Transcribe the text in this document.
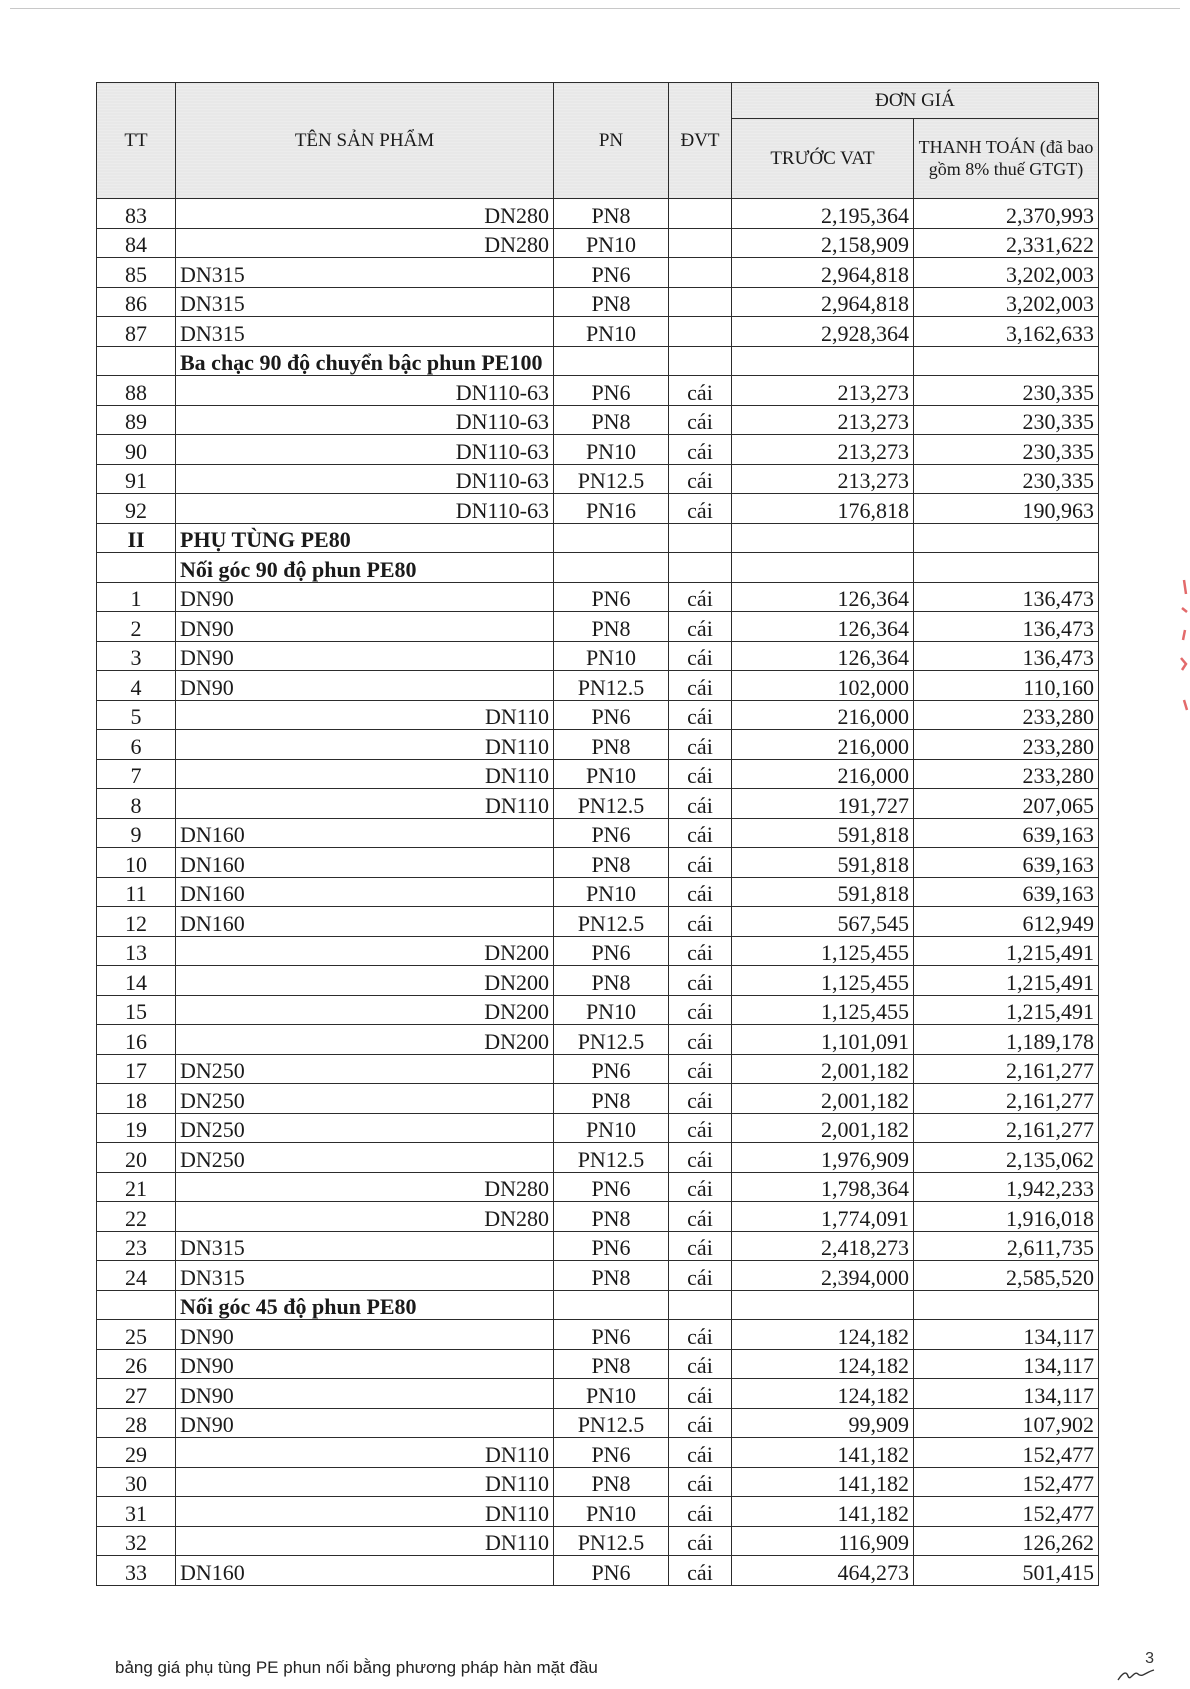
TT	TÊN SẢN PHẨM	PN	ĐVT	ĐƠN GIÁ	
				TRƯỚC VAT	THANH TOÁN (đã bao gồm 8% thuế GTGT)
83	DN280	PN8		2,195,364	2,370,993
84	DN280	PN10		2,158,909	2,331,622
85	DN315	PN6		2,964,818	3,202,003
86	DN315	PN8		2,964,818	3,202,003
87	DN315	PN10		2,928,364	3,162,633
	Ba chạc 90 độ chuyển bậc phun PE100				
88	DN110-63	PN6	cái	213,273	230,335
89	DN110-63	PN8	cái	213,273	230,335
90	DN110-63	PN10	cái	213,273	230,335
91	DN110-63	PN12.5	cái	213,273	230,335
92	DN110-63	PN16	cái	176,818	190,963
II	PHỤ TÙNG PE80				
	Nối góc 90 độ phun PE80				
1	DN90	PN6	cái	126,364	136,473
2	DN90	PN8	cái	126,364	136,473
3	DN90	PN10	cái	126,364	136,473
4	DN90	PN12.5	cái	102,000	110,160
5	DN110	PN6	cái	216,000	233,280
6	DN110	PN8	cái	216,000	233,280
7	DN110	PN10	cái	216,000	233,280
8	DN110	PN12.5	cái	191,727	207,065
9	DN160	PN6	cái	591,818	639,163
10	DN160	PN8	cái	591,818	639,163
11	DN160	PN10	cái	591,818	639,163
12	DN160	PN12.5	cái	567,545	612,949
13	DN200	PN6	cái	1,125,455	1,215,491
14	DN200	PN8	cái	1,125,455	1,215,491
15	DN200	PN10	cái	1,125,455	1,215,491
16	DN200	PN12.5	cái	1,101,091	1,189,178
17	DN250	PN6	cái	2,001,182	2,161,277
18	DN250	PN8	cái	2,001,182	2,161,277
19	DN250	PN10	cái	2,001,182	2,161,277
20	DN250	PN12.5	cái	1,976,909	2,135,062
21	DN280	PN6	cái	1,798,364	1,942,233
22	DN280	PN8	cái	1,774,091	1,916,018
23	DN315	PN6	cái	2,418,273	2,611,735
24	DN315	PN8	cái	2,394,000	2,585,520
	Nối góc 45 độ phun PE80				
25	DN90	PN6	cái	124,182	134,117
26	DN90	PN8	cái	124,182	134,117
27	DN90	PN10	cái	124,182	134,117
28	DN90	PN12.5	cái	99,909	107,902
29	DN110	PN6	cái	141,182	152,477
30	DN110	PN8	cái	141,182	152,477
31	DN110	PN10	cái	141,182	152,477
32	DN110	PN12.5	cái	116,909	126,262
33	DN160	PN6	cái	464,273	501,415
bảng giá phụ tùng PE phun nối bằng phương pháp hàn mặt đầu	3
